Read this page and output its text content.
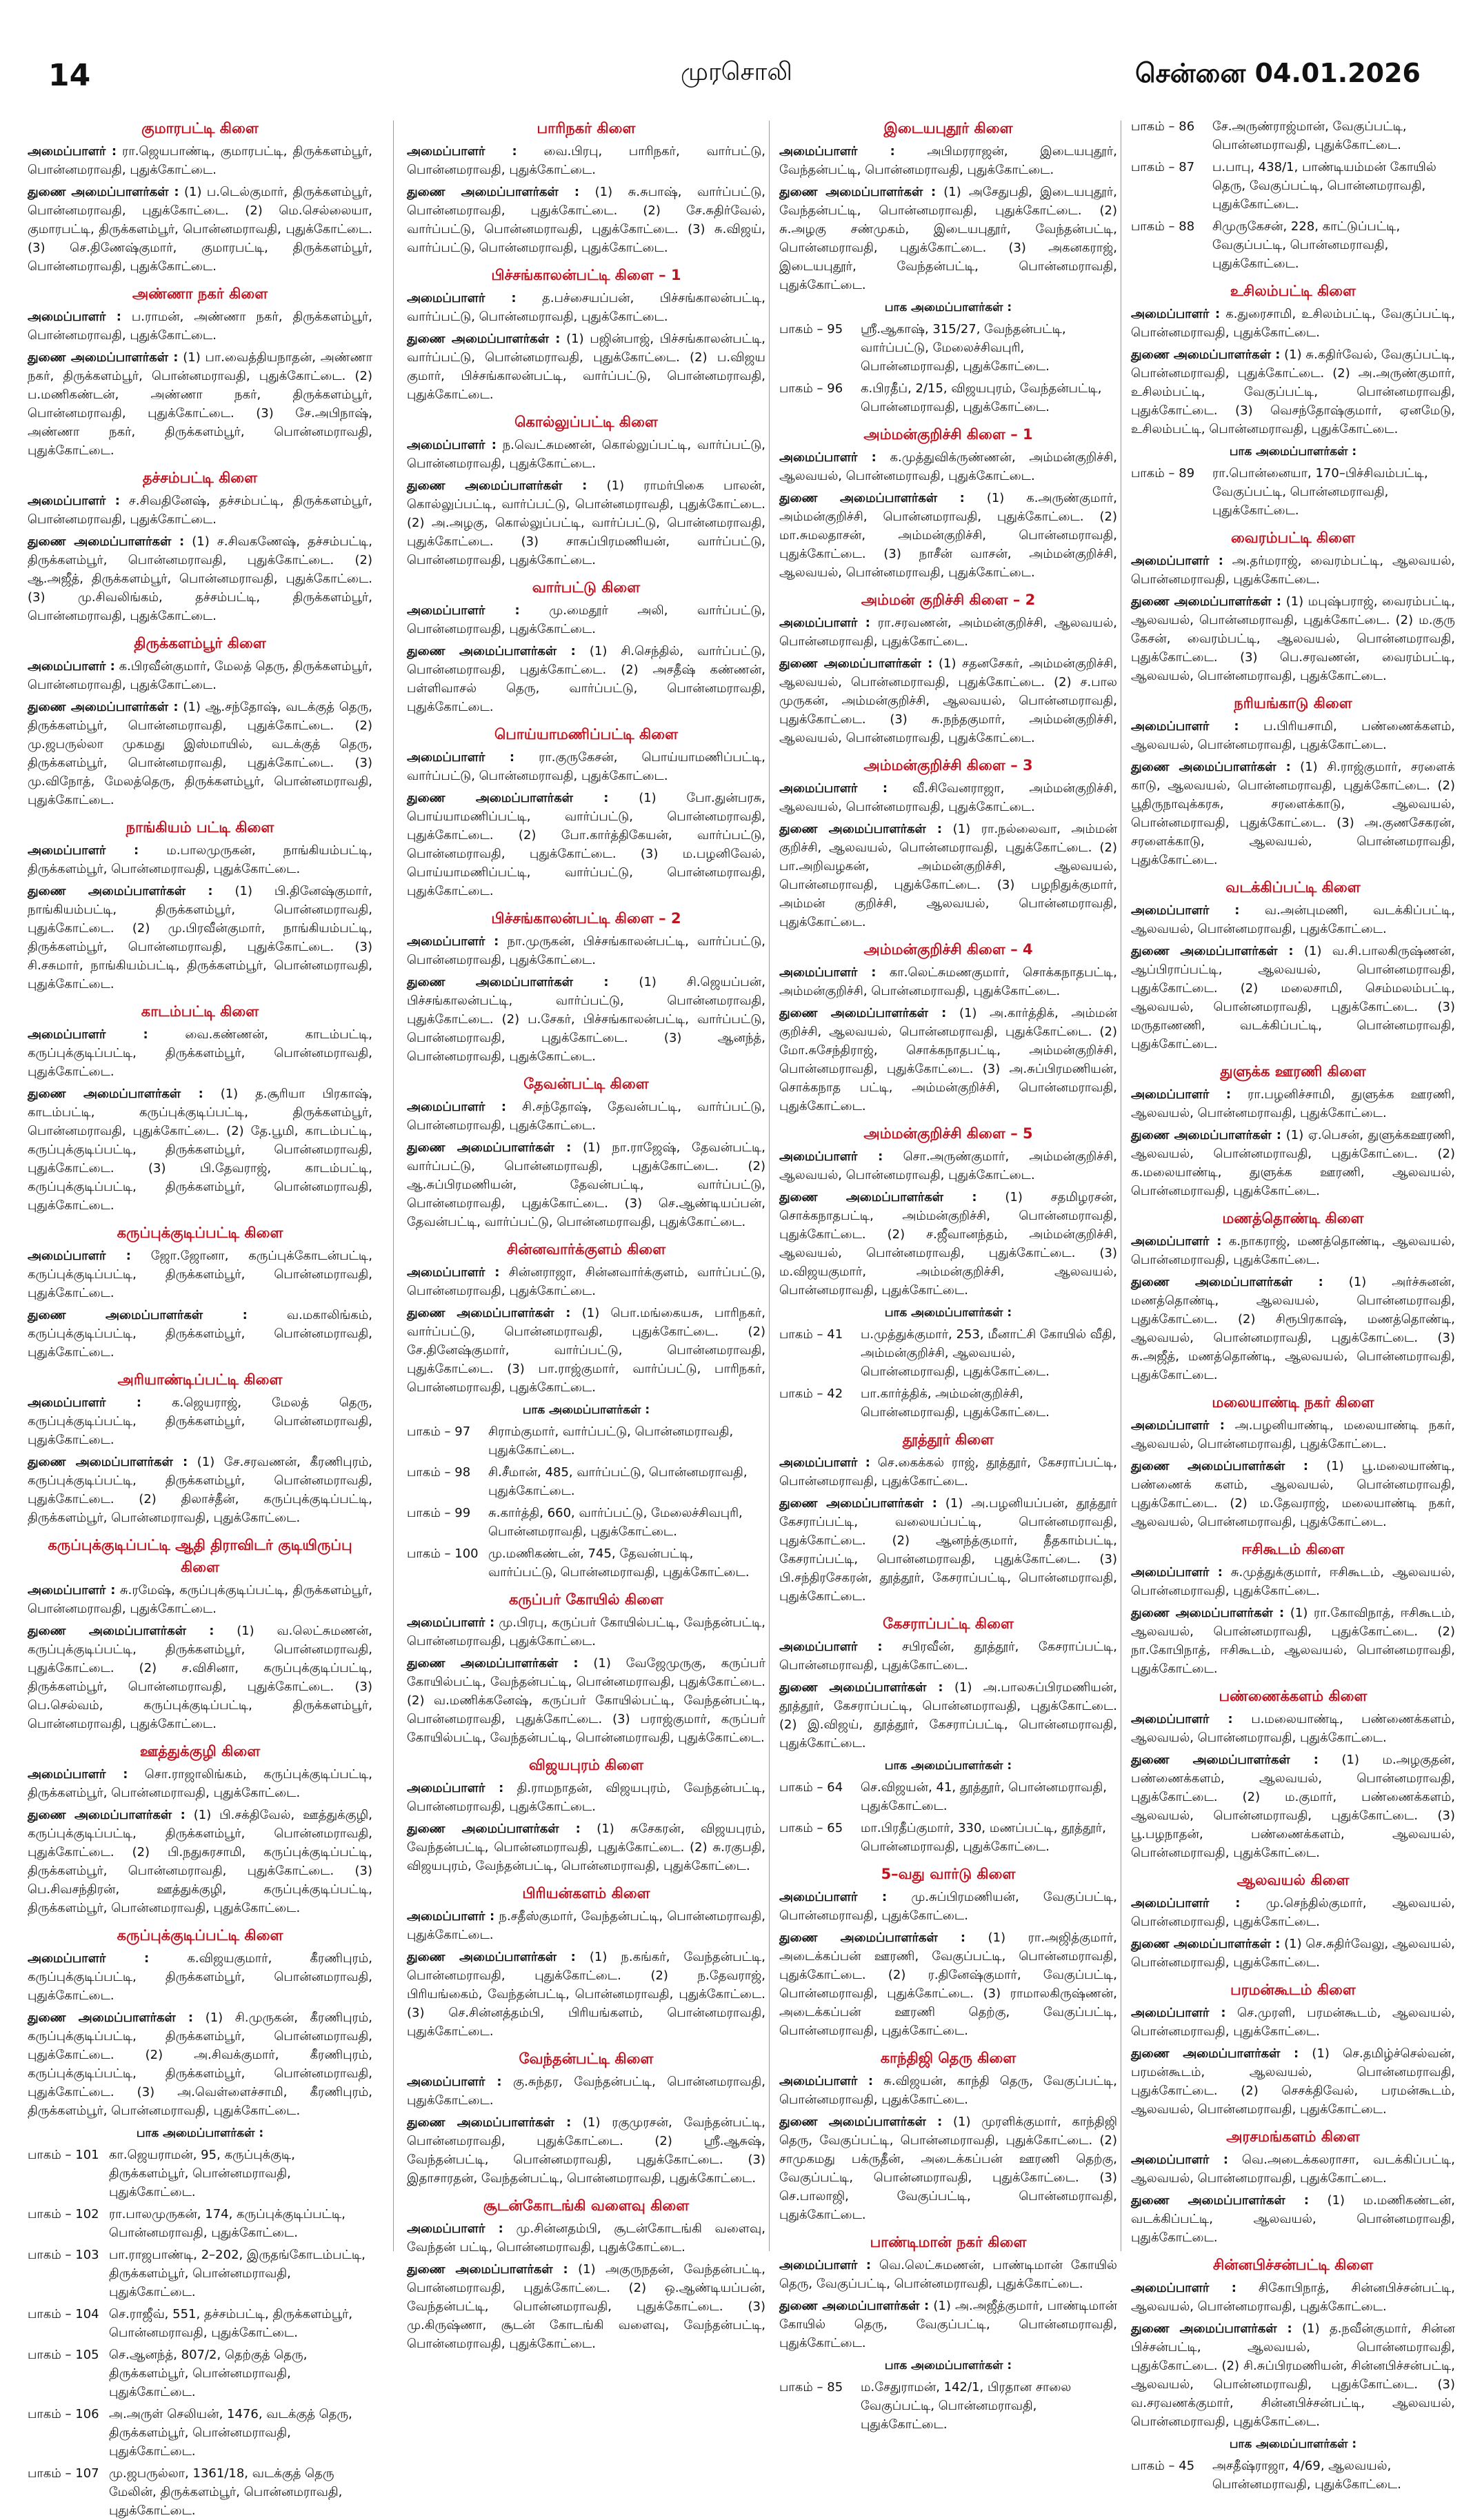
14	முரசொலி	சென்னை 04.01.2026
குமாரபட்டி கிளை

அமைப்பாளர் : ரா.ஜெயபாண்டி, குமாரபட்டி, திருக்களம்பூர், பொன்னமராவதி, புதுக்கோட்டை.

துணை அமைப்பாளர்கள் : (1) ப.டெல்குமார், திருக்களம்பூர், பொன்னமராவதி, புதுக்கோட்டை. (2) மெ.செல்லையா, குமாரபட்டி, திருக்களம்பூர், பொன்னமராவதி, புதுக்கோட்டை. (3) செ.திணேஷ்குமார், குமாரபட்டி, திருக்களம்பூர், பொன்னமராவதி, புதுக்கோட்டை.

அண்ணா நகர் கிளை

அமைப்பாளர் : ப.ராமன், அண்ணா நகர், திருக்களம்பூர், பொன்னமராவதி, புதுக்கோட்டை.

துணை அமைப்பாளர்கள் : (1) பா.வைத்தியநாதன், அண்ணா நகர், திருக்களம்பூர், பொன்னமராவதி, புதுக்கோட்டை. (2) ப.மணிகண்டன், அண்ணா நகர், திருக்களம்பூர், பொன்னமராவதி, புதுக்கோட்டை. (3) சே.அபிநாஷ், அண்ணா நகர், திருக்களம்பூர், பொன்னமராவதி, புதுக்கோட்டை.

தச்சம்பட்டி கிளை

அமைப்பாளர் : ச.சிவதினேஷ், தச்சம்பட்டி, திருக்களம்பூர், பொன்னமராவதி, புதுக்கோட்டை.

துணை அமைப்பாளர்கள் : (1) ச.சிவகணேஷ், தச்சம்பட்டி, திருக்களம்பூர், பொன்னமராவதி, புதுக்கோட்டை. (2) ஆ.அஜீத், திருக்களம்பூர், பொன்னமராவதி, புதுக்கோட்டை. (3) மு.சிவலிங்கம், தச்சம்பட்டி, திருக்களம்பூர், பொன்னமராவதி, புதுக்கோட்டை.

திருக்களம்பூர் கிளை

அமைப்பாளர் : க.பிரவீன்குமார், மேலத் தெரு, திருக்களம்பூர், பொன்னமராவதி, புதுக்கோட்டை.

துணை அமைப்பாளர்கள் : (1) ஆ.சந்தோஷ், வடக்குத் தெரு, திருக்களம்பூர், பொன்னமராவதி, புதுக்கோட்டை. (2) மு.ஜபருல்லா முகமது இஸ்மாயில், வடக்குத் தெரு, திருக்களம்பூர், பொன்னமராவதி, புதுக்கோட்டை. (3) மு.விநோத், மேலத்தெரு, திருக்களம்பூர், பொன்னமராவதி, புதுக்கோட்டை.

நாங்கியம் பட்டி கிளை

அமைப்பாளர் : ம.பாலமுருகன், நாங்கியம்பட்டி, திருக்களம்பூர், பொன்னமராவதி, புதுக்கோட்டை.

துணை அமைப்பாளர்கள் : (1) பி.தினேஷ்குமார், நாங்கியம்பட்டி, திருக்களம்பூர், பொன்னமராவதி, புதுக்கோட்டை. (2) மு.பிரவீன்குமார், நாங்கியம்பட்டி, திருக்களம்பூர், பொன்னமராவதி, புதுக்கோட்டை. (3) சி.சசுமார், நாங்கியம்பட்டி, திருக்களம்பூர், பொன்னமராவதி, புதுக்கோட்டை.

காடம்பட்டி கிளை

அமைப்பாளர் :	வை.கண்ணன், காடம்பட்டி, கருப்புக்குடிப்பட்டி, திருக்களம்பூர், பொன்னமராவதி, புதுக்கோட்டை.

துணை அமைப்பாளர்கள் : (1) த.சூரியா பிரகாஷ், காடம்பட்டி, கருப்புக்குடிப்பட்டி, திருக்களம்பூர், பொன்னமராவதி, புதுக்கோட்டை. (2) தே.பூமி, காடம்பட்டி, கருப்புக்குடிப்பட்டி, திருக்களம்பூர், பொன்னமராவதி, புதுக்கோட்டை. (3) பி.தேவராஜ், காடம்பட்டி, கருப்புக்குடிப்பட்டி, திருக்களம்பூர், பொன்னமராவதி, புதுக்கோட்டை.

கருப்புக்குடிப்பட்டி கிளை

அமைப்பாளர் : ஜோ.ஜோனா, கருப்புக்கோடன்பட்டி, கருப்புக்குடிப்பட்டி, திருக்களம்பூர், பொன்னமராவதி, புதுக்கோட்டை.

துணை அமைப்பாளர்கள் :	வ.மகாலிங்கம், கருப்புக்குடிப்பட்டி, திருக்களம்பூர், பொன்னமராவதி, புதுக்கோட்டை.

அரியாண்டிப்பட்டி கிளை

அமைப்பாளர் : க.ஜெயராஜ், மேலத் தெரு, கருப்புக்குடிப்பட்டி, திருக்களம்பூர், பொன்னமராவதி, புதுக்கோட்டை.

துணை அமைப்பாளர்கள் : (1) சே.சரவணன், கீரணிபுரம், கருப்புக்குடிப்பட்டி, திருக்களம்பூர், பொன்னமராவதி, புதுக்கோட்டை. (2) திலாச்தீன், கருப்புக்குடிப்பட்டி, திருக்களம்பூர், பொன்னமராவதி, புதுக்கோட்டை.

கருப்புக்குடிப்பட்டி ஆதி திராவிடர் குடியிருப்பு கிளை

அமைப்பாளர் : சு.ரமேஷ், கருப்புக்குடிப்பட்டி, திருக்களம்பூர், பொன்னமராவதி, புதுக்கோட்டை.

துணை அமைப்பாளர்கள் : (1) வ.லெட்சுமணன், கருப்புக்குடிப்பட்டி, திருக்களம்பூர், பொன்னமராவதி, புதுக்கோட்டை. (2) ச.விசினா, கருப்புக்குடிப்பட்டி, திருக்களம்பூர், பொன்னமராவதி, புதுக்கோட்டை. (3) பெ.செல்வம், கருப்புக்குடிப்பட்டி, திருக்களம்பூர், பொன்னமராவதி, புதுக்கோட்டை.

ஊத்துக்குழி கிளை

அமைப்பாளர் : சொ.ராஜாலிங்கம், கருப்புக்குடிப்பட்டி, திருக்களம்பூர், பொன்னமராவதி, புதுக்கோட்டை.

துணை அமைப்பாளர்கள் : (1) பி.சக்திவேல், ஊத்துக்குழி, கருப்புக்குடிப்பட்டி, திருக்களம்பூர், பொன்னமராவதி, புதுக்கோட்டை. (2) பி.நதுசுரசாமி, கருப்புக்குடிப்பட்டி, திருக்களம்பூர், பொன்னமராவதி, புதுக்கோட்டை. (3) பெ.சிவசந்திரன், ஊத்துக்குழி, கருப்புக்குடிப்பட்டி, திருக்களம்பூர், பொன்னமராவதி, புதுக்கோட்டை.

கருப்புக்குடிப்பட்டி கிளை

அமைப்பாளர் :	க.விஜயகுமார், கீரணிபுரம், கருப்புக்குடிப்பட்டி, திருக்களம்பூர், பொன்னமராவதி, புதுக்கோட்டை.

துணை அமைப்பாளர்கள் : (1) சி.முருகன், கீரணிபுரம், கருப்புக்குடிப்பட்டி, திருக்களம்பூர், பொன்னமராவதி, புதுக்கோட்டை. (2) அ.சிவக்குமார், கீரணிபுரம், கருப்புக்குடிப்பட்டி, திருக்களம்பூர், பொன்னமராவதி, புதுக்கோட்டை. (3) அ.வெள்ளைச்சாமி, கீரணிபுரம், திருக்களம்பூர், பொன்னமராவதி, புதுக்கோட்டை.

பாக அமைப்பாளர்கள் :
பாகம் – 101 கா.ஜெயராமன், 95, கருப்புக்குடி, திருக்களம்பூர், பொன்னமராவதி, புதுக்கோட்டை.
பாகம் – 102 ரா.பாலமுருகன், 174, கருப்புக்குடிப்பட்டி, பொன்னமராவதி, புதுக்கோட்டை.
பாகம் – 103 பா.ராஜபாண்டி, 2–202, இருதங்கோடம்பட்டி, திருக்களம்பூர், பொன்னமராவதி, புதுக்கோட்டை.
பாகம் – 104 செ.ராஜீவ், 551, தச்சம்பட்டி, திருக்களம்பூர், பொன்னமராவதி, புதுக்கோட்டை.
பாகம் – 105 செ.ஆனந்த், 807/2, தெற்குத் தெரு, திருக்களம்பூர், பொன்னமராவதி, புதுக்கோட்டை.
பாகம் – 106 அ.அருள் செலியன், 1476, வடக்குத் தெரு, திருக்களம்பூர், பொன்னமராவதி, புதுக்கோட்டை.
பாகம் – 107 மு.ஜபருல்லா, 1361/18, வடக்குத் தெரு மேலின், திருக்களம்பூர், பொன்னமராவதி, புதுக்கோட்டை.
பாரிநகர் கிளை

அமைப்பாளர் : வை.பிரபு, பாரிநகர், வார்பட்டு, பொன்னமராவதி, புதுக்கோட்டை.

துணை அமைப்பாளர்கள் : (1) சு.சுபாஷ், வார்ப்பட்டு, பொன்னமராவதி, புதுக்கோட்டை. (2) சே.சுதிர்வேல், வார்ப்பட்டு, பொன்னமராவதி, புதுக்கோட்டை. (3) சு.விஜய், வார்ப்பட்டு, பொன்னமராவதி, புதுக்கோட்டை.

பிச்சங்காலன்பட்டி கிளை – 1

அமைப்பாளர் : த.பச்சையப்பன், பிச்சங்காலன்பட்டி, வார்ப்பட்டு, பொன்னமராவதி, புதுக்கோட்டை.

துணை அமைப்பாளர்கள் : (1) பஜின்பாஜ், பிச்சங்காலன்பட்டி, வார்ப்பட்டு, பொன்னமராவதி, புதுக்கோட்டை. (2) ப.விஜய குமார், பிச்சங்காலன்பட்டி, வார்ப்பட்டு, பொன்னமராவதி, புதுக்கோட்டை.

கொல்லுப்பட்டி கிளை

அமைப்பாளர் : ந.வெட்சுமணன், கொல்லுப்பட்டி, வார்ப்பட்டு, பொன்னமராவதி, புதுக்கோட்டை.

துணை அமைப்பாளர்கள் : (1) ராமர்பிகை பாலன், கொல்லுப்பட்டி, வார்ப்பட்டு, பொன்னமராவதி, புதுக்கோட்டை. (2) அ.அழகு, கொல்லுப்பட்டி, வார்ப்பட்டு, பொன்னமராவதி, புதுக்கோட்டை. (3) சாசுப்பிரமணியன், வார்ப்பட்டு, பொன்னமராவதி, புதுக்கோட்டை.

வார்பட்டு கிளை

அமைப்பாளர் : மு.மைதூர் அலி, வார்ப்பட்டு, பொன்னமராவதி, புதுக்கோட்டை.

துணை அமைப்பாளர்கள் : (1) சி.செந்தில், வார்ப்பட்டு, பொன்னமராவதி, புதுக்கோட்டை. (2) அசதீஷ் கண்ணன், பள்ளிவாசல் தெரு, வார்ப்பட்டு, பொன்னமராவதி, புதுக்கோட்டை.

பொய்யாமணிப்பட்டி கிளை

அமைப்பாளர் : ரா.குருகேசன், பொய்யாமணிப்பட்டி, வார்ப்பட்டு, பொன்னமராவதி, புதுக்கோட்டை.

துணை அமைப்பாளர்கள் : (1) போ.துன்பரசு, பொய்யாமணிப்பட்டி, வார்ப்பட்டு, பொன்னமராவதி, புதுக்கோட்டை. (2) போ.கார்த்திகேயன், வார்ப்பட்டு, பொன்னமராவதி, புதுக்கோட்டை. (3) ம.பழனிவேல், பொய்யாமணிப்பட்டி, வார்ப்பட்டு, பொன்னமராவதி, புதுக்கோட்டை.

பிச்சங்காலன்பட்டி கிளை – 2

அமைப்பாளர் : நா.முருகன், பிச்சங்காலன்பட்டி, வார்ப்பட்டு, பொன்னமராவதி, புதுக்கோட்டை.

துணை அமைப்பாளர்கள் : (1) சி.ஜெயப்பன், பிச்சங்காலன்பட்டி, வார்ப்பட்டு, பொன்னமராவதி, புதுக்கோட்டை. (2) ப.சேகர், பிச்சங்காலன்பட்டி, வார்ப்பட்டு, பொன்னமராவதி, புதுக்கோட்டை. (3) ஆனந்த், பொன்னமராவதி, புதுக்கோட்டை.

தேவன்பட்டி கிளை

அமைப்பாளர் : சி.சந்தோஷ், தேவன்பட்டி, வார்ப்பட்டு, பொன்னமராவதி, புதுக்கோட்டை.

துணை அமைப்பாளர்கள் : (1) நா.ராஜேஷ், தேவன்பட்டி, வார்ப்பட்டு, பொன்னமராவதி, புதுக்கோட்டை. (2) ஆ.சுப்பிரமணியன், தேவன்பட்டி, வார்ப்பட்டு, பொன்னமராவதி, புதுக்கோட்டை. (3) செ.ஆண்டியப்பன், தேவன்பட்டி, வார்ப்பட்டு, பொன்னமராவதி, புதுக்கோட்டை.

சின்னவார்க்குளம் கிளை

அமைப்பாளர் : சின்னராஜா, சின்னவார்க்குளம், வார்ப்பட்டு, பொன்னமராவதி, புதுக்கோட்டை.

துணை அமைப்பாளர்கள் : (1) பொ.மங்கையசு, பாரிநகர், வார்ப்பட்டு, பொன்னமராவதி, புதுக்கோட்டை. (2) சே.தினேஷ்குமார், வார்ப்பட்டு, பொன்னமராவதி, புதுக்கோட்டை. (3) பா.ராஜ்குமார், வார்ப்பட்டு, பாரிநகர், பொன்னமராவதி, புதுக்கோட்டை.

பாக அமைப்பாளர்கள் :
பாகம் – 97	சிராம்குமார், வார்ப்பட்டு, பொன்னமராவதி, புதுக்கோட்டை.
பாகம் – 98	சி.சீமான், 485, வார்ப்பட்டு, பொன்னமராவதி, புதுக்கோட்டை.
பாகம் – 99	சு.கார்த்தி, 660, வார்ப்பட்டு, மேலைச்சிவபுரி, பொன்னமராவதி, புதுக்கோட்டை.
பாகம் – 100 மு.மணிகண்டன், 745, தேவன்பட்டி, வார்ப்பட்டு, பொன்னமராவதி, புதுக்கோட்டை.
கருப்பர் கோயில் கிளை

அமைப்பாளர் : மு.பிரபு, கருப்பர் கோயில்பட்டி, வேந்தன்பட்டி, பொன்னமராவதி, புதுக்கோட்டை.

துணை அமைப்பாளர்கள் : (1) வேஜேமுருகு, கருப்பர் கோயில்பட்டி, வேந்தன்பட்டி, பொன்னமராவதி, புதுக்கோட்டை. (2) வ.மணிக்கனேஷ், கருப்பர் கோயில்பட்டி, வேந்தன்பட்டி, பொன்னமராவதி, புதுக்கோட்டை. (3) பராஜ்குமார், கருப்பர் கோயில்பட்டி, வேந்தன்பட்டி, பொன்னமராவதி, புதுக்கோட்டை.

விஜயபுரம் கிளை

அமைப்பாளர் : தி.ராமநாதன், விஜயபுரம், வேந்தன்பட்டி, பொன்னமராவதி, புதுக்கோட்டை.

துணை அமைப்பாளர்கள் : (1) சுசேகரன், விஜயபுரம், வேந்தன்பட்டி, பொன்னமராவதி, புதுக்கோட்டை. (2) சு.ரகுபதி, விஜயபுரம், வேந்தன்பட்டி, பொன்னமராவதி, புதுக்கோட்டை.

பிரியன்களம் கிளை

அமைப்பாளர் : ந.சதீஸ்குமார், வேந்தன்பட்டி, பொன்னமராவதி, புதுக்கோட்டை.

துணை அமைப்பாளர்கள் : (1) ந.கங்கர், வேந்தன்பட்டி, பொன்னமராவதி, புதுக்கோட்டை. (2) ந.தேவராஜ், பிரியங்கைம், வேந்தன்பட்டி, பொன்னமராவதி, புதுக்கோட்டை. (3) செ.சின்னத்தம்பி, பிரியங்களம், பொன்னமராவதி, புதுக்கோட்டை.

வேந்தன்பட்டி கிளை

அமைப்பாளர் : கு.சுந்தர, வேந்தன்பட்டி, பொன்னமராவதி, புதுக்கோட்டை.

துணை அமைப்பாளர்கள் : (1) ரகுமுரசன், வேந்தன்பட்டி, பொன்னமராவதி, புதுக்கோட்டை. (2) ஸ்ரீ.ஆசுஷ், வேந்தன்பட்டி, பொன்னமராவதி, புதுக்கோட்டை. (3) இதாசாரதன், வேந்தன்பட்டி, பொன்னமராவதி, புதுக்கோட்டை.

சூடன்கோடங்கி வளைவு கிளை

அமைப்பாளர் : மு.சின்னதம்பி, சூடன்கோடங்கி வளைவு, வேந்தன் பட்டி, பொன்னமராவதி, புதுக்கோட்டை.

துணை அமைப்பாளர்கள் : (1) அகுருநதன், வேந்தன்பட்டி, பொன்னமராவதி, புதுக்கோட்டை. (2) ஒ.ஆண்டியப்பன், வேந்தன்பட்டி, பொன்னமராவதி, புதுக்கோட்டை. (3) மு.கிருஷ்ணா, சூடன் கோடங்கி வளைவு, வேந்தன்பட்டி, பொன்னமராவதி, புதுக்கோட்டை.

இடையபுதூர் கிளை

அமைப்பாளர் :	அபிமரராஜன், இடையபுதூர், வேந்தன்பட்டி, பொன்னமராவதி, புதுக்கோட்டை.

துணை அமைப்பாளர்கள் : (1) அசேதுபதி, இடையபுதூர், வேந்தன்பட்டி, பொன்னமராவதி, புதுக்கோட்டை. (2) சு.அழகு சண்முகம், இடையபுதூர், வேந்தன்பட்டி, பொன்னமராவதி, புதுக்கோட்டை. (3) அகனகராஜ், இடையபுதூர், வேந்தன்பட்டி, பொன்னமராவதி, புதுக்கோட்டை.

பாக அமைப்பாளர்கள் :
பாகம் – 95	ஸ்ரீ.ஆகாஷ், 315/27, வேந்தன்பட்டி, வார்ப்பட்டு, மேலைச்சிவபுரி, பொன்னமராவதி, புதுக்கோட்டை.
பாகம் – 96	க.பிரதீப், 2/15, விஜயபுரம், வேந்தன்பட்டி, பொன்னமராவதி, புதுக்கோட்டை.
அம்மன்குறிச்சி கிளை – 1

அமைப்பாளர் : க.முத்துவிக்ருண்ணன், அம்மன்குறிச்சி, ஆலவயல், பொன்னமராவதி, புதுக்கோட்டை.

துணை அமைப்பாளர்கள் : (1) க.அருண்குமார், அம்மன்குறிச்சி, பொன்னமராவதி, புதுக்கோட்டை. (2) மா.சுமலதாசன், அம்மன்குறிச்சி, பொன்னமராவதி, புதுக்கோட்டை. (3) நாசீன் வாசன், அம்மன்குறிச்சி, ஆலவயல், பொன்னமராவதி, புதுக்கோட்டை.

அம்மன் குறிச்சி கிளை – 2

அமைப்பாளர் : ரா.சரவணன், அம்மன்குறிச்சி, ஆலவயல், பொன்னமராவதி, புதுக்கோட்டை.

துணை அமைப்பாளர்கள் : (1) சதனசேகர், அம்மன்குறிச்சி, ஆலவயல், பொன்னமராவதி, புதுக்கோட்டை. (2) ச.பால முருகன், அம்மன்குறிச்சி, ஆலவயல், பொன்னமராவதி, புதுக்கோட்டை. (3) சு.நந்தகுமார், அம்மன்குறிச்சி, ஆலவயல், பொன்னமராவதி, புதுக்கோட்டை.

அம்மன்குறிச்சி கிளை – 3

அமைப்பாளர் : வீ.சிவேனராஜா, அம்மன்குறிச்சி, ஆலவயல், பொன்னமராவதி, புதுக்கோட்டை.

துணை அமைப்பாளர்கள் : (1) ரா.நல்லைவா, அம்மன் குறிச்சி, ஆலவயல், பொன்னமராவதி, புதுக்கோட்டை. (2) பா.அறிவழகன், அம்மன்குறிச்சி, ஆலவயல், பொன்னமராவதி, புதுக்கோட்டை. (3) பழநிதுக்குமார், அம்மன் குறிச்சி, ஆலவயல், பொன்னமராவதி, புதுக்கோட்டை.

அம்மன்குறிச்சி கிளை – 4

அமைப்பாளர் : கா.லெட்சுமணகுமார், சொக்கநாதபட்டி, அம்மன்குறிச்சி, பொன்னமராவதி, புதுக்கோட்டை.

துணை அமைப்பாளர்கள் : (1) அ.கார்த்திக், அம்மன் குறிச்சி, ஆலவயல், பொன்னமராவதி, புதுக்கோட்டை. (2) மோ.சுசேந்திராஜ், சொக்கநாதபட்டி, அம்மன்குறிச்சி, பொன்னமராவதி, புதுக்கோட்டை. (3) அ.சுப்பிரமணியன், சொக்கநாத பட்டி, அம்மன்குறிச்சி, பொன்னமராவதி, புதுக்கோட்டை.

அம்மன்குறிச்சி கிளை – 5

அமைப்பாளர் : சொ.அருண்குமார், அம்மன்குறிச்சி, ஆலவயல், பொன்னமராவதி, புதுக்கோட்டை.

துணை அமைப்பாளர்கள் : (1) சதமிழரசன், சொக்கநாதபட்டி, அம்மன்குறிச்சி, பொன்னமராவதி, புதுக்கோட்டை. (2) ச.ஜீவானந்தம், அம்மன்குறிச்சி, ஆலவயல், பொன்னமராவதி, புதுக்கோட்டை. (3) ம.விஜயகுமார், அம்மன்குறிச்சி, ஆலவயல், பொன்னமராவதி, புதுக்கோட்டை.

பாக அமைப்பாளர்கள் :
பாகம் – 41	ப.முத்துக்குமார், 253, மீனாட்சி கோயில் வீதி, அம்மன்குறிச்சி, ஆலவயல், பொன்னமராவதி, புதுக்கோட்டை.
பாகம் – 42	பா.கார்த்திக், அம்மன்குறிச்சி, பொன்னமராவதி, புதுக்கோட்டை.
தூத்தூர் கிளை

அமைப்பாளர் : செ.கைக்கல் ராஜ், தூத்தூர், கேசராப்பட்டி, பொன்னமராவதி, புதுக்கோட்டை.

துணை அமைப்பாளர்கள் : (1) அ.பழனியப்பன், தூத்தூர் கேசராப்பட்டி, வலையப்பட்டி, பொன்னமராவதி, புதுக்கோட்டை. (2) ஆனந்த்குமார், தீதகாம்பட்டி, கேசராப்பட்டி, பொன்னமராவதி, புதுக்கோட்டை. (3) பி.சந்திரசேகரன், தூத்தூர், கேசராப்பட்டி, பொன்னமராவதி, புதுக்கோட்டை.

கேசராப்பட்டி கிளை

அமைப்பாளர் : சபிரவீன், தூத்தூர், கேசராப்பட்டி, பொன்னமராவதி, புதுக்கோட்டை.

துணை அமைப்பாளர்கள் : (1) அ.பாலசுப்பிரமணியன், தூத்தூர், கேசராப்பட்டி, பொன்னமராவதி, புதுக்கோட்டை. (2) இ.விஜய், தூத்தூர், கேசராப்பட்டி, பொன்னமராவதி, புதுக்கோட்டை.

பாக அமைப்பாளர்கள் :
பாகம் – 64	செ.விஜயன், 41, தூத்தூர், பொன்னமராவதி, புதுக்கோட்டை.
பாகம் – 65	மா.பிரதீப்குமார், 330, மணப்பட்டி, தூத்தூர், பொன்னமராவதி, புதுக்கோட்டை.
5–வது வார்டு கிளை

அமைப்பாளர் : மு.சுப்பிரமணியன், வேகுப்பட்டி, பொன்னமராவதி, புதுக்கோட்டை.

துணை அமைப்பாளர்கள் : (1) ரா.அஜித்குமார், அடைக்கப்பன் ஊரணி, வேகுப்பட்டி, பொன்னமராவதி, புதுக்கோட்டை. (2) ர.தினேஷ்குமார், வேகுப்பட்டி, பொன்னமராவதி, புதுக்கோட்டை. (3) ராமாலகிருஷ்ணன், அடைக்கப்பன் ஊரணி தெற்கு, வேகுப்பட்டி, பொன்னமராவதி, புதுக்கோட்டை.

காந்திஜி தெரு கிளை

அமைப்பாளர் : சு.விஜயன், காந்தி தெரு, வேகுப்பட்டி, பொன்னமராவதி, புதுக்கோட்டை.

துணை அமைப்பாளர்கள் : (1) முரளிக்குமார், காந்திஜி தெரு, வேகுப்பட்டி, பொன்னமராவதி, புதுக்கோட்டை. (2) சாமுகமது பக்ருதீன், அடைக்கப்பன் ஊரணி தெற்கு, வேகுப்பட்டி, பொன்னமராவதி, புதுக்கோட்டை. (3) செ.பாலாஜி, வேகுப்பட்டி, பொன்னமராவதி, புதுக்கோட்டை.

பாண்டிமான் நகர் கிளை

அமைப்பாளர் : வெ.லெட்சுமணன், பாண்டிமான் கோயில் தெரு, வேகுப்பட்டி, பொன்னமராவதி, புதுக்கோட்டை.

துணை அமைப்பாளர்கள் : (1) அ.அஜீத்குமார், பாண்டிமான் கோயில் தெரு, வேகுப்பட்டி, பொன்னமராவதி, புதுக்கோட்டை.

பாக அமைப்பாளர்கள் :
பாகம் – 85	ம.சேதுராமன், 142/1, பிரதான சாலை வேகுப்பட்டி, பொன்னமராவதி, புதுக்கோட்டை.
பாகம் – 86	சே.அருண்ராஜ்மான், வேகுப்பட்டி, பொன்னமராவதி, புதுக்கோட்டை.
பாகம் – 87	ப.பாபு, 438/1, பாண்டியம்மன் கோயில் தெரு, வேகுப்பட்டி, பொன்னமராவதி, புதுக்கோட்டை.
பாகம் – 88	சிமுருகேசன், 228, காட்டுப்பட்டி, வேகுப்பட்டி, பொன்னமராவதி, புதுக்கோட்டை.
உசிலம்பட்டி கிளை

அமைப்பாளர் : க.துரைசாமி, உசிலம்பட்டி, வேகுப்பட்டி, பொன்னமராவதி, புதுக்கோட்டை.

துணை அமைப்பாளர்கள் : (1) சு.கதிர்வேல், வேகுப்பட்டி, பொன்னமராவதி, புதுக்கோட்டை. (2) அ.அருண்குமார், உசிலம்பட்டி, வேகுப்பட்டி, பொன்னமராவதி, புதுக்கோட்டை. (3) வெசந்தோஷ்குமார், ஏனமேடு, உசிலம்பட்டி, பொன்னமராவதி, புதுக்கோட்டை.

பாக அமைப்பாளர்கள் :
பாகம் – 89	ரா.பொன்னையா, 170–பிச்சிவம்பட்டி, வேகுப்பட்டி, பொன்னமராவதி, புதுக்கோட்டை.
வைரம்பட்டி கிளை

அமைப்பாளர் : அ.தர்மராஜ், வைரம்பட்டி, ஆலவயல், பொன்னமராவதி, புதுக்கோட்டை.

துணை அமைப்பாளர்கள் : (1) மபுஷ்பராஜ், வைரம்பட்டி, ஆலவயல், பொன்னமராவதி, புதுக்கோட்டை. (2) ம.குரு கேசன், வைரம்பட்டி, ஆலவயல், பொன்னமராவதி, புதுக்கோட்டை. (3) பெ.சரவணன், வைரம்பட்டி, ஆலவயல், பொன்னமராவதி, புதுக்கோட்டை.

நரியங்காடு கிளை

அமைப்பாளர் : ப.பிரியசாமி, பண்ணைக்களம், ஆலவயல், பொன்னமராவதி, புதுக்கோட்டை.

துணை அமைப்பாளர்கள் : (1) சி.ராஜ்குமார், சரளைக் காடு, ஆலவயல், பொன்னமராவதி, புதுக்கோட்டை. (2) பூதிருநாவுக்கரசு, சரளைக்காடு, ஆலவயல், பொன்னமராவதி, புதுக்கோட்டை. (3) அ.குணசேகரன், சரளைக்காடு, ஆலவயல், பொன்னமராவதி, புதுக்கோட்டை.

வடக்கிப்பட்டி கிளை

அமைப்பாளர் : வ.அன்புமணி, வடக்கிப்பட்டி, ஆலவயல், பொன்னமராவதி, புதுக்கோட்டை.

துணை அமைப்பாளர்கள் : (1) வ.சி.பாலகிருஷ்ணன், ஆப்பிராப்பட்டி, ஆலவயல், பொன்னமராவதி, புதுக்கோட்டை. (2) மலைசாமி, செம்மலம்பட்டி, ஆலவயல், பொன்னமராவதி, புதுக்கோட்டை. (3) மருதாணணி, வடக்கிப்பட்டி, பொன்னமராவதி, புதுக்கோட்டை.

துளுக்க ஊரணி கிளை

அமைப்பாளர் : ரா.பழனிச்சாமி, துளுக்க ஊரணி, ஆலவயல், பொன்னமராவதி, புதுக்கோட்டை.

துணை அமைப்பாளர்கள் : (1) ஏ.பெசன், துளுக்கஊரணி, ஆலவயல், பொன்னமராவதி, புதுக்கோட்டை. (2) க.மலையாண்டி, துளுக்க ஊரணி, ஆலவயல், பொன்னமராவதி, புதுக்கோட்டை.

மணத்தொண்டி கிளை

அமைப்பாளர் : க.நாகராஜ், மணத்தொண்டி, ஆலவயல், பொன்னமராவதி, புதுக்கோட்டை.

துணை அமைப்பாளர்கள் : (1) அர்ச்சுனன், மணத்தொண்டி, ஆலவயல், பொன்னமராவதி, புதுக்கோட்டை. (2) சிரூபிரகாஷ், மணத்தொண்டி, ஆலவயல், பொன்னமராவதி, புதுக்கோட்டை. (3) சு.அஜீத், மணத்தொண்டி, ஆலவயல், பொன்னமராவதி, புதுக்கோட்டை.

மலையாண்டி நகர் கிளை

அமைப்பாளர் : அ.பழனியாண்டி, மலையாண்டி நகர், ஆலவயல், பொன்னமராவதி, புதுக்கோட்டை.

துணை அமைப்பாளர்கள் : (1) பூ.மலையாண்டி, பண்ணைக் களம், ஆலவயல், பொன்னமராவதி, புதுக்கோட்டை. (2) ம.தேவராஜ், மலையாண்டி நகர், ஆலவயல், பொன்னமராவதி, புதுக்கோட்டை.

ஈசிகூடம் கிளை

அமைப்பாளர் : சு.முத்துக்குமார், ஈசிகூடம், ஆலவயல், பொன்னமராவதி, புதுக்கோட்டை.

துணை அமைப்பாளர்கள் : (1) ரா.கோவிநாத், ஈசிகூடம், ஆலவயல், பொன்னமராவதி, புதுக்கோட்டை. (2) நா.கோபிநாத், ஈசிகூடம், ஆலவயல், பொன்னமராவதி, புதுக்கோட்டை.

பண்ணைக்களம் கிளை

அமைப்பாளர் : ப.மலையாண்டி, பண்ணைக்களம், ஆலவயல், பொன்னமராவதி, புதுக்கோட்டை.

துணை அமைப்பாளர்கள் : (1) ம.அழகுதன், பண்ணைக்களம், ஆலவயல், பொன்னமராவதி, புதுக்கோட்டை. (2) ம.குமார், பண்ணைக்களம், ஆலவயல், பொன்னமராவதி, புதுக்கோட்டை. (3) பூ.பழநாதன், பண்ணைக்களம், ஆலவயல், பொன்னமராவதி, புதுக்கோட்டை.

ஆலவயல் கிளை

அமைப்பாளர் : மு.செந்தில்குமார், ஆலவயல், பொன்னமராவதி, புதுக்கோட்டை.

துணை அமைப்பாளர்கள் : (1) செ.சுதிர்வேலு, ஆலவயல், பொன்னமராவதி, புதுக்கோட்டை.

பரமன்கூடம் கிளை

அமைப்பாளர் : செ.முரளி, பரமன்கூடம், ஆலவயல், பொன்னமராவதி, புதுக்கோட்டை.

துணை அமைப்பாளர்கள் : (1) செ.தமிழ்ச்செல்வன், பரமன்கூடம், ஆலவயல், பொன்னமராவதி, புதுக்கோட்டை. (2) செசக்திவேல், பரமன்கூடம், ஆலவயல், பொன்னமராவதி, புதுக்கோட்டை.

அரசமங்களம் கிளை

அமைப்பாளர் : வெ.அடைக்கலராசா, வடக்கிப்பட்டி, ஆலவயல், பொன்னமராவதி, புதுக்கோட்டை.

துணை அமைப்பாளர்கள் : (1) ம.மணிகண்டன், வடக்கிப்பட்டி, ஆலவயல், பொன்னமராவதி, புதுக்கோட்டை.

சின்னபிச்சன்பட்டி கிளை

அமைப்பாளர் : சிகோபிநாத், சின்னபிச்சன்பட்டி, ஆலவயல், பொன்னமராவதி, புதுக்கோட்டை.

துணை அமைப்பாளர்கள் : (1) த.நவீன்குமார், சின்ன பிச்சன்பட்டி, ஆலவயல், பொன்னமராவதி, புதுக்கோட்டை. (2) சி.சுப்பிரமணியன், சின்னபிச்சன்பட்டி, ஆலவயல், பொன்னமராவதி, புதுக்கோட்டை. (3) வ.சரவணக்குமார், சின்னபிச்சன்பட்டி, ஆலவயல், பொன்னமராவதி, புதுக்கோட்டை.

பாக அமைப்பாளர்கள் :
பாகம் – 45	அசதீஷ்ராஜா, 4/69, ஆலவயல், பொன்னமராவதி, புதுக்கோட்டை.
